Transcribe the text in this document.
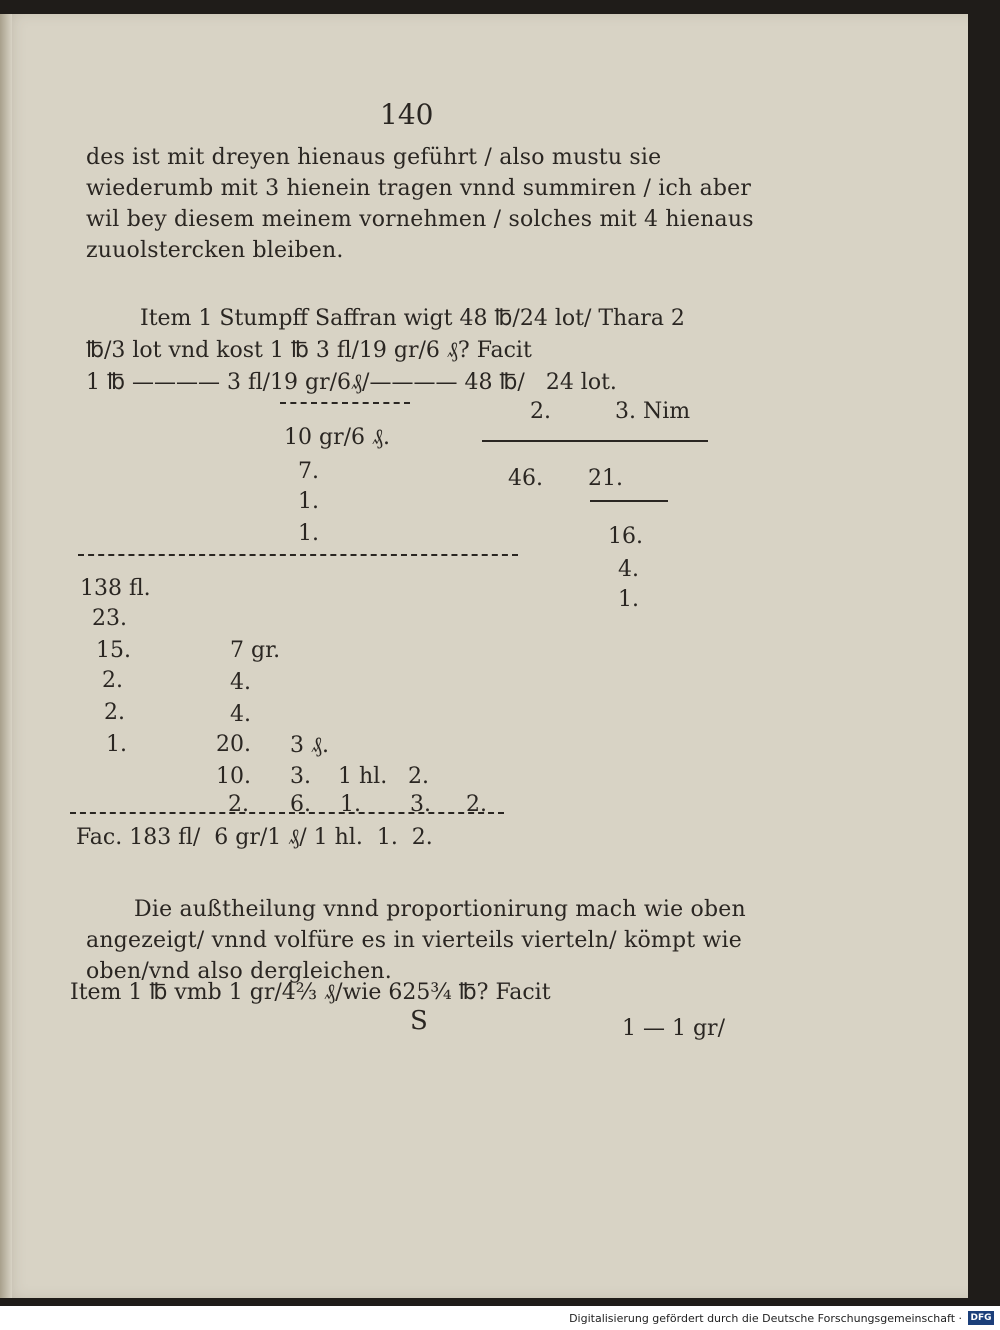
140
des ist mit dreyen hienaus geführt / also mustu sie wiederumb mit 3 hienein tragen vnnd summiren / ich aber wil bey diesem meinem vornehmen / solches mit 4 hienaus zuuolstercken bleiben.
Item 1 Stumpff Saffran wigt 48 ℔/24 lot/ Thara 2
℔/3 lot vnd kost 1 ℔ 3 fl/19 gr/6 ₰? Facit
1 ℔ ———— 3 fl/19 gr/6₰/———— 48 ℔/   24 lot.
2.	3. Nim
10 gr/6 ₰.
7.
1.
1.
46. 21.
16.
4.
1.
138 fl.
23.
15.
2.
2.
1.
7 gr.
4.
4.
20.
10.
2.
3 ₰.
3.
6.
1 hl.
1.
2.
3. 2.
Fac. 183 fl/  6 gr/1 ₰/ 1 hl.  1.  2.
Die außtheilung vnnd proportionirung mach wie oben angezeigt/ vnnd volfüre es in vierteils vierteln/ kömpt wie oben/vnd also dergleichen.
Item 1 ℔ vmb 1 gr/4⅔ ₰/wie 625¾ ℔? Facit
S	1 — 1 gr/
Digitalisierung gefördert durch die Deutsche Forschungsgemeinschaft · DFG
